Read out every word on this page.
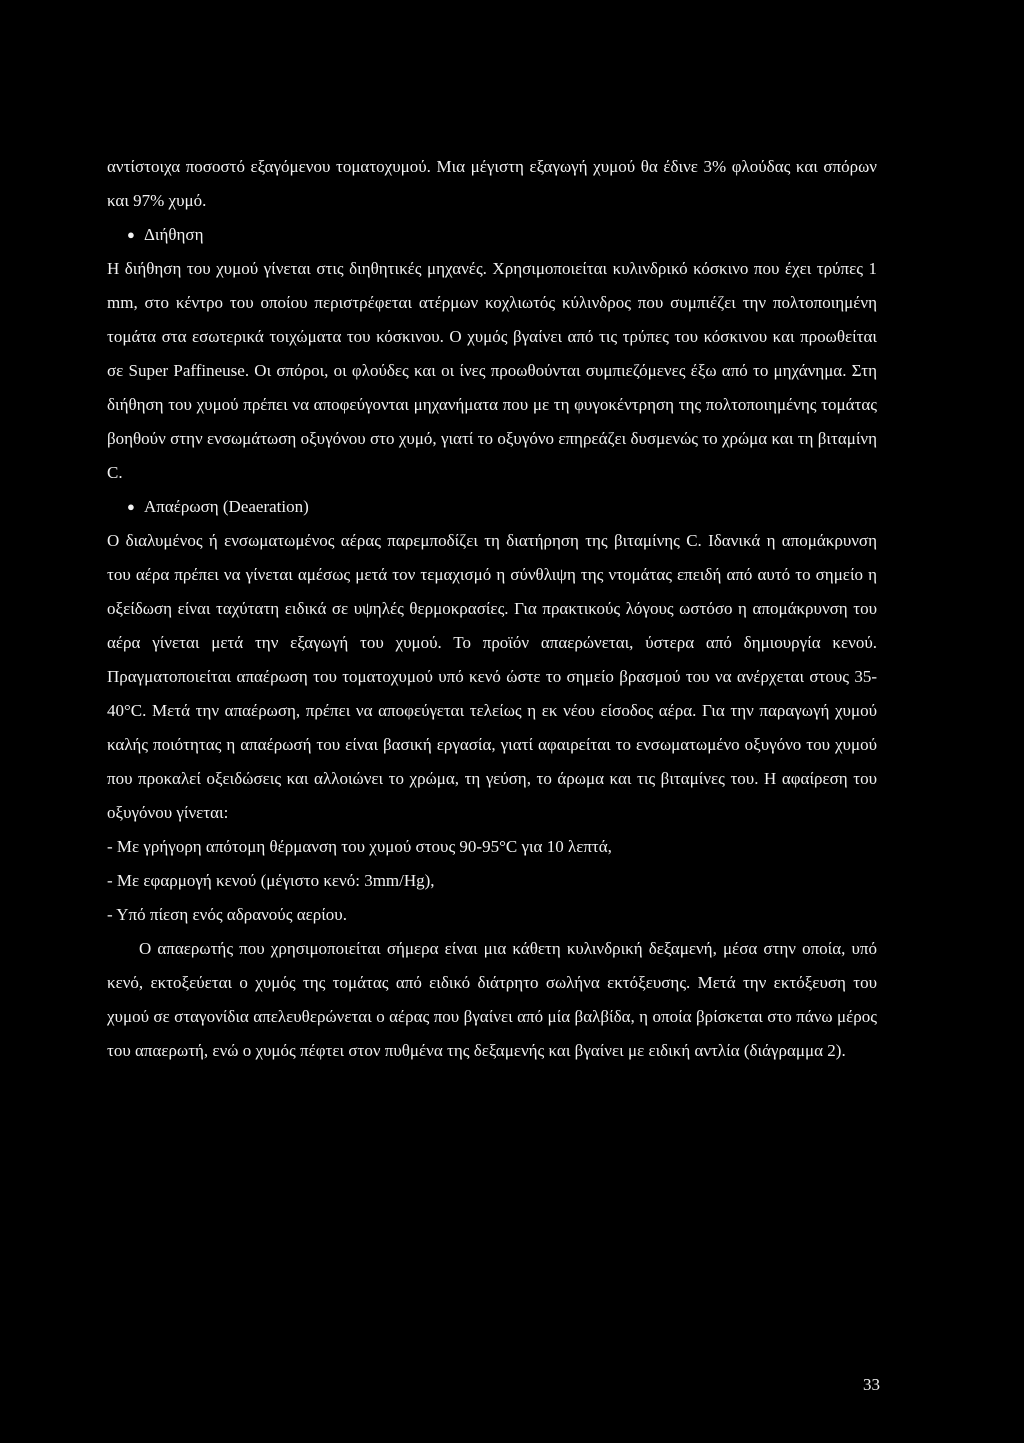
αντίστοιχα ποσοστό εξαγόμενου τοματοχυμού. Μια μέγιστη εξαγωγή χυμού θα έδινε 3% φλούδας και σπόρων και 97% χυμό.

● Διήθηση

Η διήθηση του χυμού γίνεται στις διηθητικές μηχανές. Χρησιμοποιείται κυλινδρικό κόσκινο που έχει τρύπες 1 mm, στο κέντρο του οποίου περιστρέφεται ατέρμων κοχλιωτός κύλινδρος που συμπιέζει την πολτοποιημένη τομάτα στα εσωτερικά τοιχώματα του κόσκινου. Ο χυμός βγαίνει από τις τρύπες του κόσκινου και προωθείται σε Super Paffineuse. Οι σπόροι, οι φλούδες και οι ίνες προωθούνται συμπιεζόμενες έξω από το μηχάνημα. Στη διήθηση του χυμού πρέπει να αποφεύγονται μηχανήματα που με τη φυγοκέντρηση της πολτοποιημένης τομάτας βοηθούν στην ενσωμάτωση οξυγόνου στο χυμό, γιατί το οξυγόνο επηρεάζει δυσμενώς το χρώμα και τη βιταμίνη C.

● Απαέρωση (Deaeration)

Ο διαλυμένος ή ενσωματωμένος αέρας παρεμποδίζει τη διατήρηση της βιταμίνης C. Ιδανικά η απομάκρυνση του αέρα πρέπει να γίνεται αμέσως μετά τον τεμαχισμό η σύνθλιψη της ντομάτας επειδή από αυτό το σημείο η οξείδωση είναι ταχύτατη ειδικά σε υψηλές θερμοκρασίες. Για πρακτικούς λόγους ωστόσο η απομάκρυνση του αέρα γίνεται μετά την εξαγωγή του χυμού. Το προϊόν απαερώνεται, ύστερα από δημιουργία κενού. Πραγματοποιείται απαέρωση του τοματοχυμού υπό κενό ώστε το σημείο βρασμού του να ανέρχεται στους 35- 40°C. Μετά την απαέρωση, πρέπει να αποφεύγεται τελείως η εκ νέου είσοδος αέρα. Για την παραγωγή χυμού καλής ποιότητας η απαέρωσή του είναι βασική εργασία, γιατί αφαιρείται το ενσωματωμένο οξυγόνο του χυμού που προκαλεί οξειδώσεις και αλλοιώνει το χρώμα, τη γεύση, το άρωμα και τις βιταμίνες του. Η αφαίρεση του οξυγόνου γίνεται:

- Με γρήγορη απότομη θέρμανση του χυμού στους 90-95°C για 10 λεπτά,

- Με εφαρμογή κενού (μέγιστο κενό: 3mm/Hg),

- Υπό πίεση ενός αδρανούς αερίου.

Ο απαερωτής που χρησιμοποιείται σήμερα είναι μια κάθετη κυλινδρική δεξαμενή, μέσα στην οποία, υπό κενό, εκτοξεύεται ο χυμός της τομάτας από ειδικό διάτρητο σωλήνα εκτόξευσης. Μετά την εκτόξευση του χυμού σε σταγονίδια απελευθερώνεται ο αέρας που βγαίνει από μία βαλβίδα, η οποία βρίσκεται στο πάνω μέρος του απαερωτή, ενώ ο χυμός πέφτει στον πυθμένα της δεξαμενής και βγαίνει με ειδική αντλία (διάγραμμα 2).

33
